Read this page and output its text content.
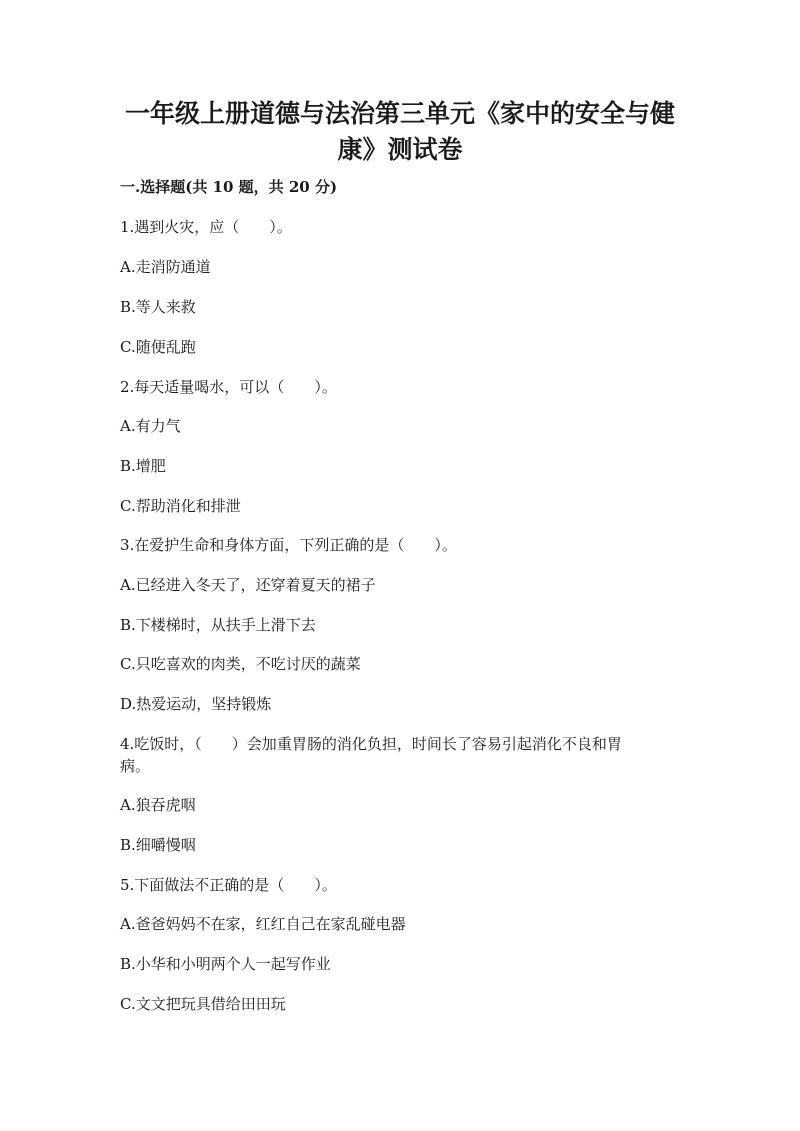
一年级上册道德与法治第三单元《家中的安全与健
康》测试卷

一.选择题(共 10 题，共 20 分)

1.遇到火灾，应（　　）。

A.走消防通道

B.等人来救

C.随便乱跑

2.每天适量喝水，可以（　　）。

A.有力气

B.增肥

C.帮助消化和排泄

3.在爱护生命和身体方面，下列正确的是（　　）。

A.已经进入冬天了，还穿着夏天的裙子

B.下楼梯时，从扶手上滑下去

C.只吃喜欢的肉类，不吃讨厌的蔬菜

D.热爱运动，坚持锻炼

4.吃饭时，（　　）会加重胃肠的消化负担，时间长了容易引起消化不良和胃

病。

A.狼吞虎咽

B.细嚼慢咽

5.下面做法不正确的是（　　）。

A.爸爸妈妈不在家，红红自己在家乱碰电器

B.小华和小明两个人一起写作业

C.文文把玩具借给田田玩
